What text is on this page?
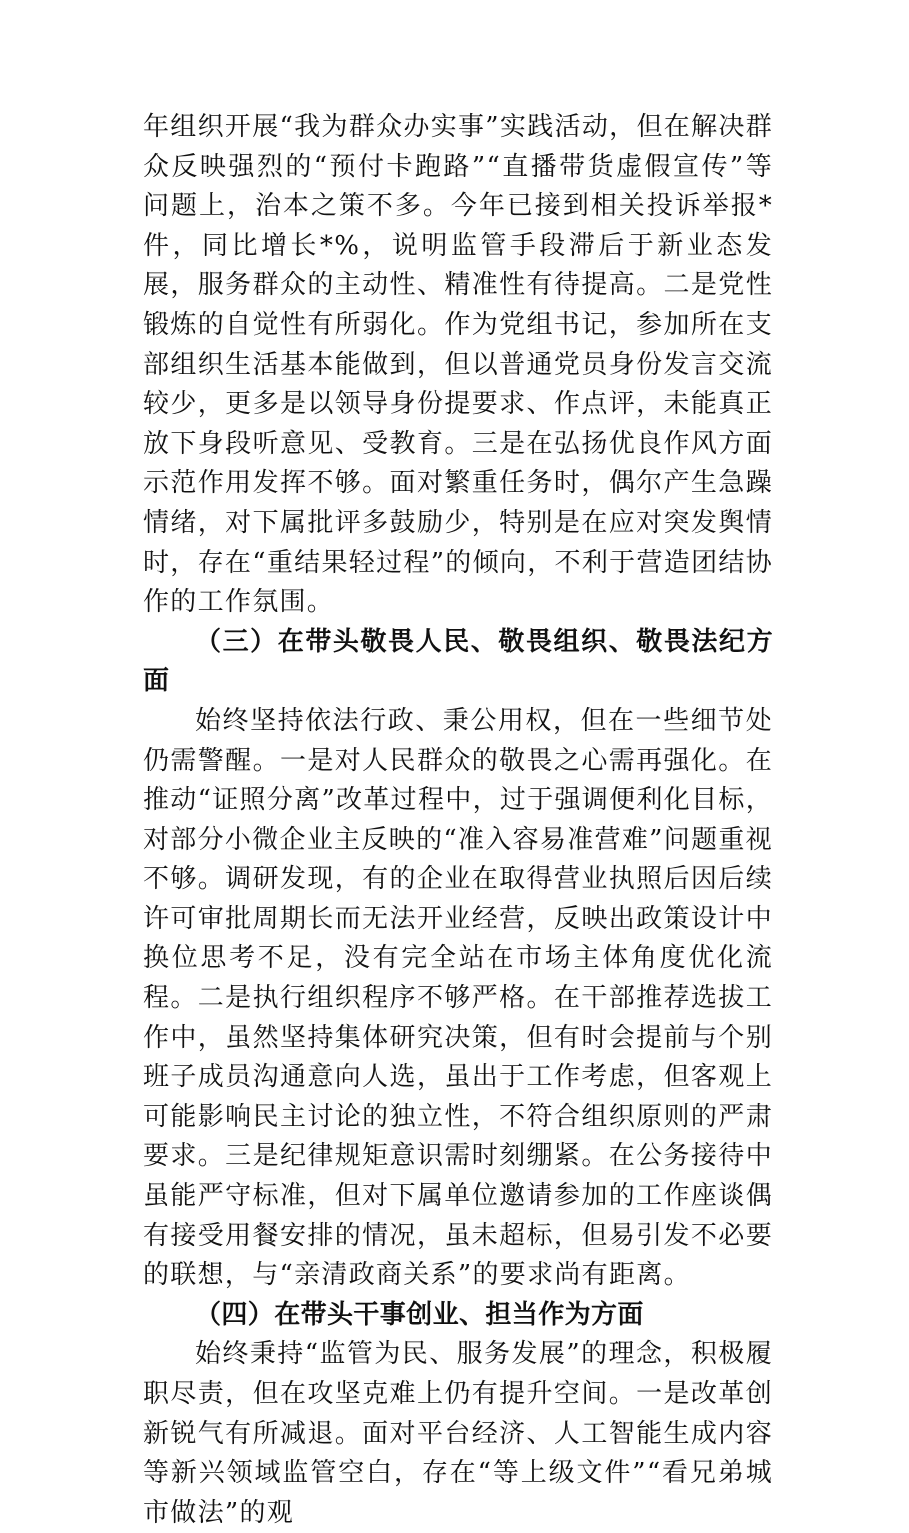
年组织开展“我为群众办实事”实践活动，但在解决群众反映强烈的“预付卡跑路”“直播带货虚假宣传”等问题上，治本之策不多。今年已接到相关投诉举报*件，同比增长*%，说明监管手段滞后于新业态发展，服务群众的主动性、精准性有待提高。二是党性锻炼的自觉性有所弱化。作为党组书记，参加所在支部组织生活基本能做到，但以普通党员身份发言交流较少，更多是以领导身份提要求、作点评，未能真正放下身段听意见、受教育。三是在弘扬优良作风方面示范作用发挥不够。面对繁重任务时，偶尔产生急躁情绪，对下属批评多鼓励少，特别是在应对突发舆情时，存在“重结果轻过程”的倾向，不利于营造团结协作的工作氛围。

（三）在带头敬畏人民、敬畏组织、敬畏法纪方面

始终坚持依法行政、秉公用权，但在一些细节处仍需警醒。一是对人民群众的敬畏之心需再强化。在推动“证照分离”改革过程中，过于强调便利化目标，对部分小微企业主反映的“准入容易准营难”问题重视不够。调研发现，有的企业在取得营业执照后因后续许可审批周期长而无法开业经营，反映出政策设计中换位思考不足，没有完全站在市场主体角度优化流程。二是执行组织程序不够严格。在干部推荐选拔工作中，虽然坚持集体研究决策，但有时会提前与个别班子成员沟通意向人选，虽出于工作考虑，但客观上可能影响民主讨论的独立性，不符合组织原则的严肃要求。三是纪律规矩意识需时刻绷紧。在公务接待中虽能严守标准，但对下属单位邀请参加的工作座谈偶有接受用餐安排的情况，虽未超标，但易引发不必要的联想，与“亲清政商关系”的要求尚有距离。

（四）在带头干事创业、担当作为方面

始终秉持“监管为民、服务发展”的理念，积极履职尽责，但在攻坚克难上仍有提升空间。一是改革创新锐气有所减退。面对平台经济、人工智能生成内容等新兴领域监管空白，存在“等上级文件”“看兄弟城市做法”的观
